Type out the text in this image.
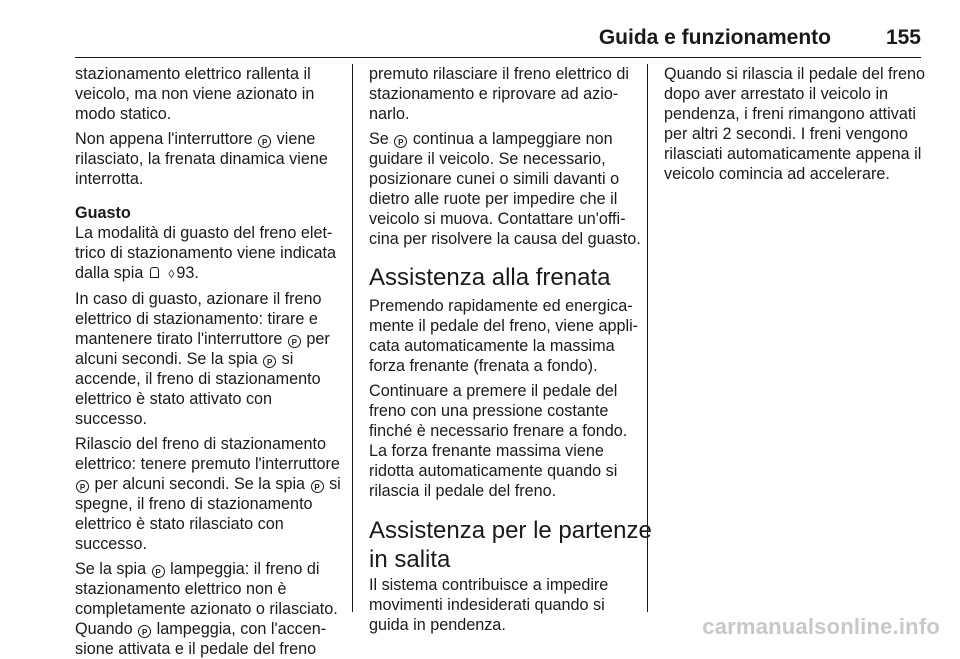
Guida e funzionamento	155
stazionamento elettrico rallenta il
veicolo, ma non viene azionato in
modo statico.
Non appena l'interruttore P viene
rilasciato, la frenata dinamica viene
interrotta.
Guasto
La modalità di guasto del freno elet-
trico di stazionamento viene indicata
dalla spia ◊ 93.
In caso di guasto, azionare il freno
elettrico di stazionamento: tirare e
mantenere tirato l'interruttore P per
alcuni secondi. Se la spia P si
accende, il freno di stazionamento
elettrico è stato attivato con
successo.
Rilascio del freno di stazionamento
elettrico: tenere premuto l'interruttore
P per alcuni secondi. Se la spia P si
spegne, il freno di stazionamento
elettrico è stato rilasciato con
successo.
Se la spia P lampeggia: il freno di
stazionamento elettrico non è
completamente azionato o rilasciato.
Quando P lampeggia, con l'accen-
sione attivata e il pedale del freno
premuto rilasciare il freno elettrico di
stazionamento e riprovare ad azio-
narlo.
Se P continua a lampeggiare non
guidare il veicolo. Se necessario,
posizionare cunei o simili davanti o
dietro alle ruote per impedire che il
veicolo si muova. Contattare un'offi-
cina per risolvere la causa del guasto.
Assistenza alla frenata
Premendo rapidamente ed energica-
mente il pedale del freno, viene appli-
cata automaticamente la massima
forza frenante (frenata a fondo).
Continuare a premere il pedale del
freno con una pressione costante
finché è necessario frenare a fondo.
La forza frenante massima viene
ridotta automaticamente quando si
rilascia il pedale del freno.
Assistenza per le partenze
in salita
Il sistema contribuisce a impedire
movimenti indesiderati quando si
guida in pendenza.
Quando si rilascia il pedale del freno
dopo aver arrestato il veicolo in
pendenza, i freni rimangono attivati
per altri 2 secondi. I freni vengono
rilasciati automaticamente appena il
veicolo comincia ad accelerare.
carmanualsonline.info
